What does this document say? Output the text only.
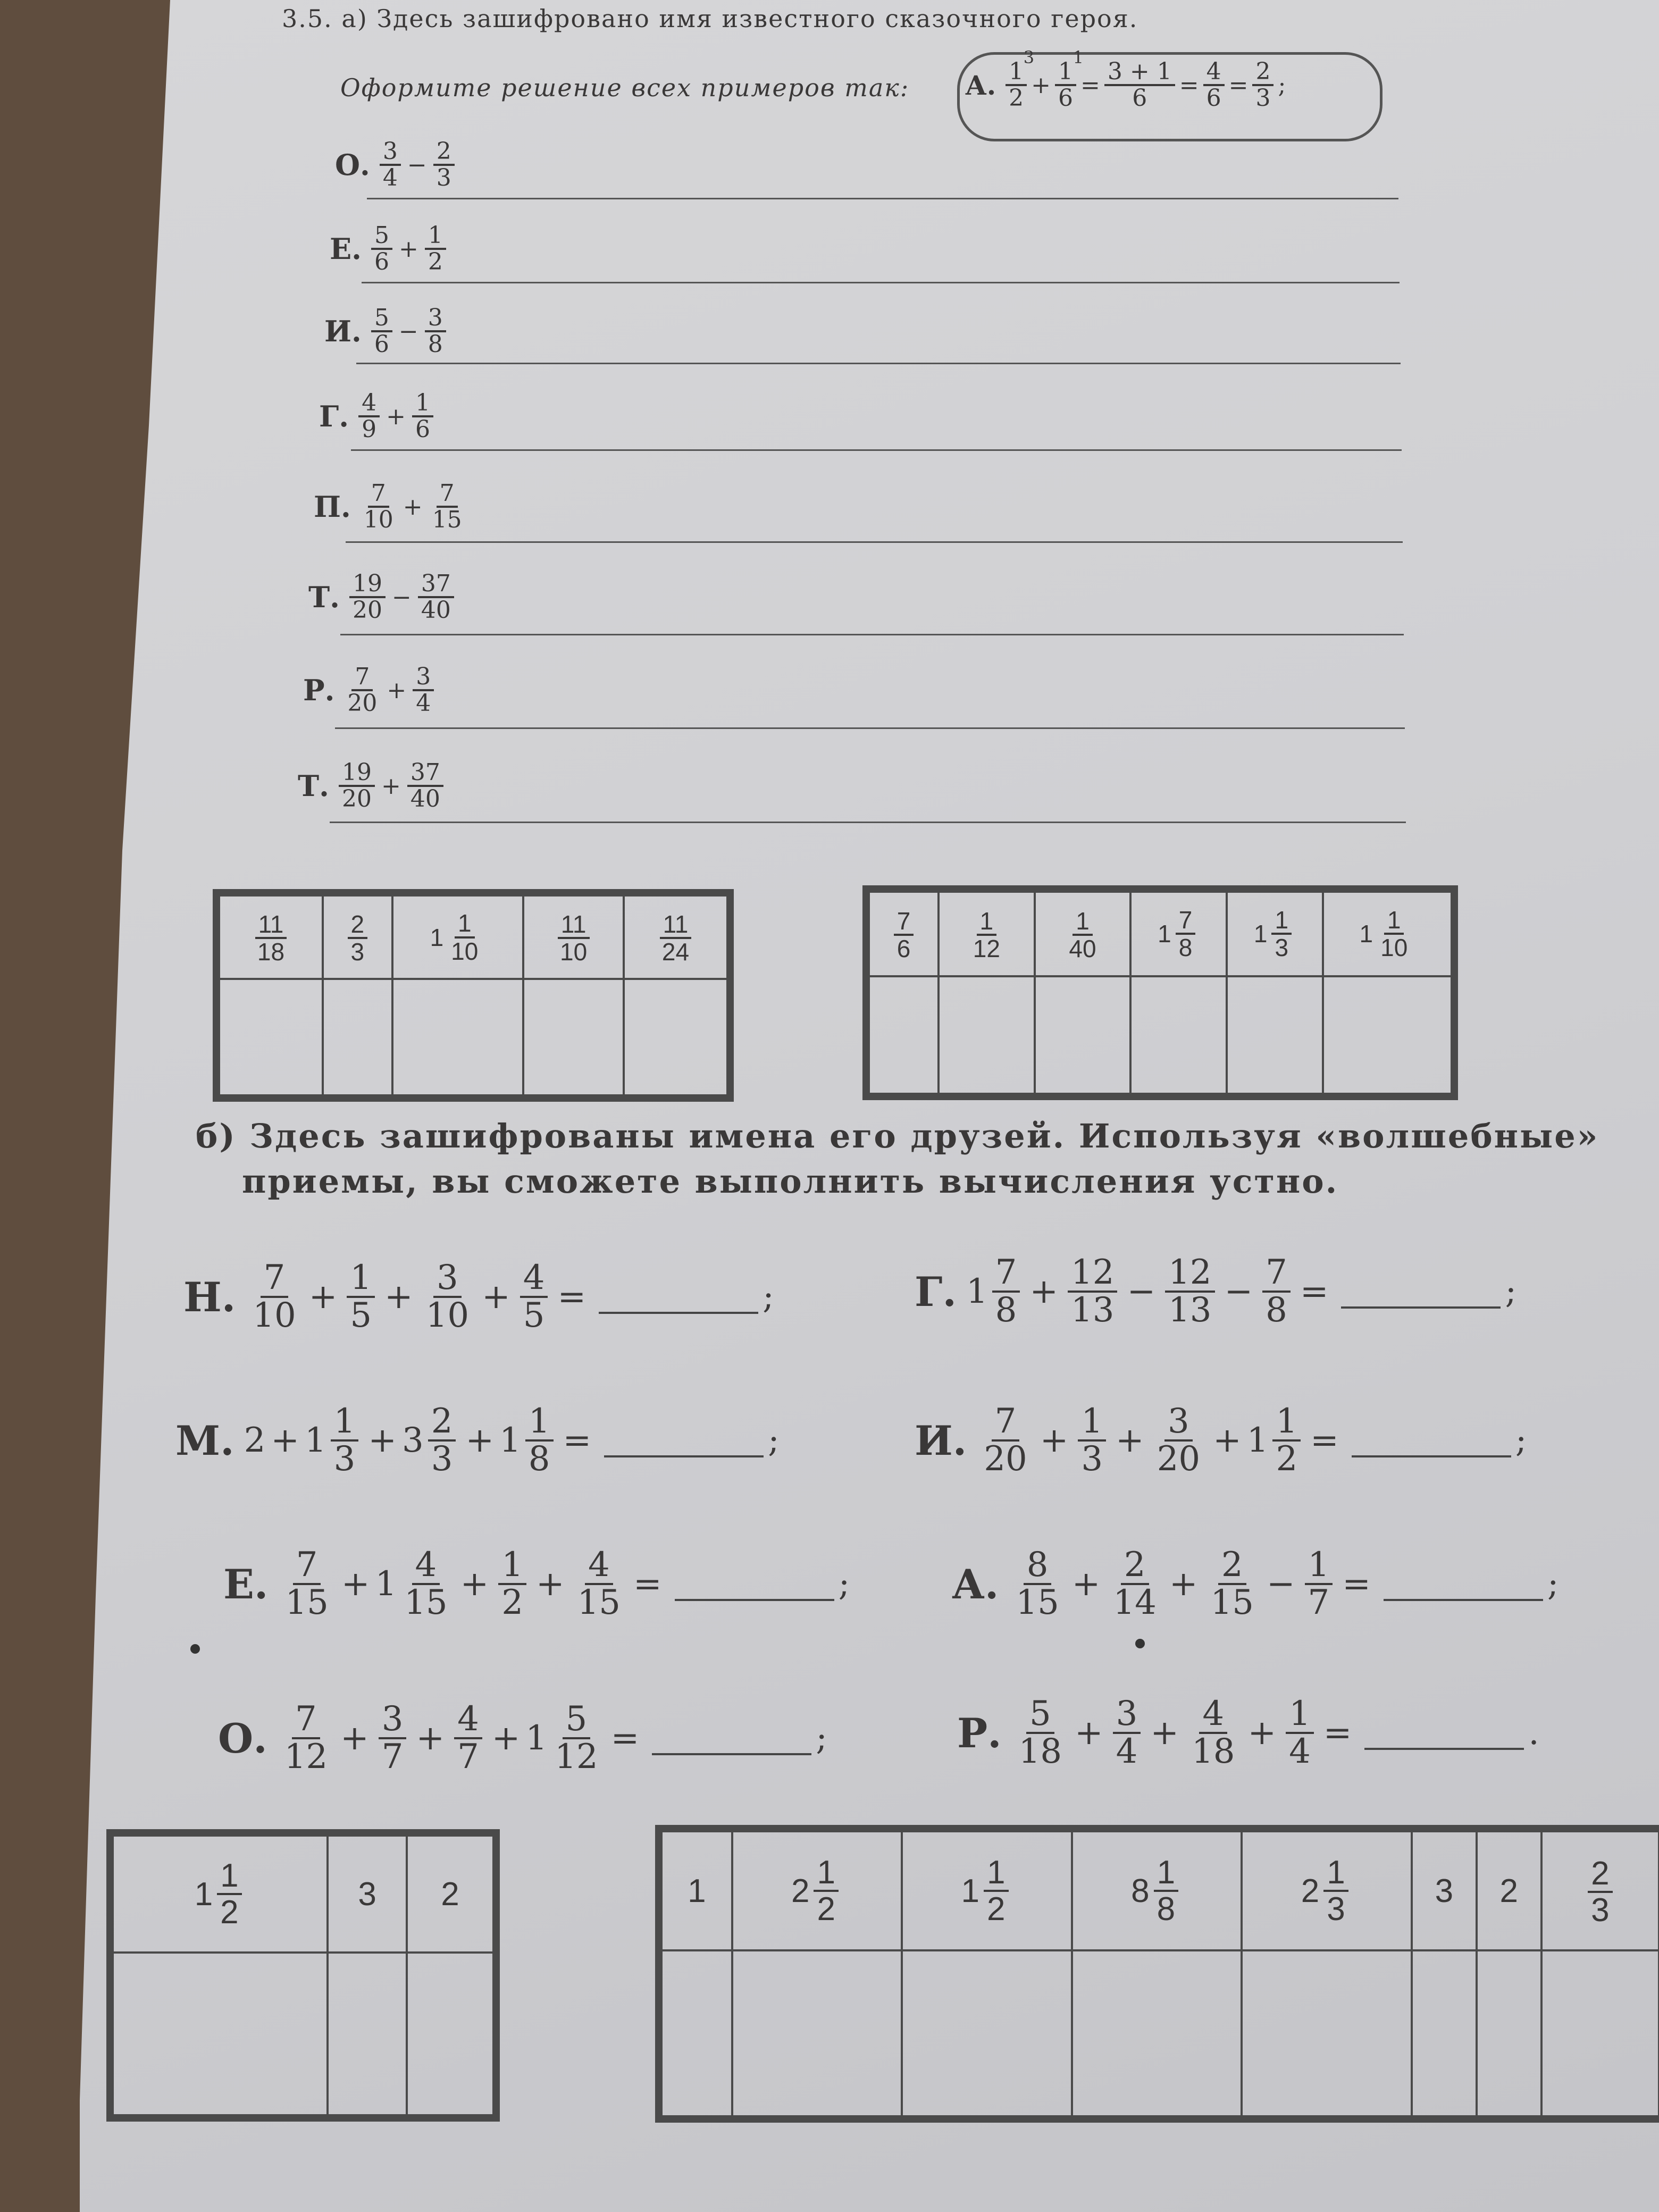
3.5. а) Здесь зашифровано имя известного сказочного героя.
Оформите решение всех примеров так: А.
3
1
2 +
1
1
$6 = \frac{3 + 1}{6} = \frac{4}{6} = \frac{2}{3}$ ;
О. $\frac{3}{4} - \frac{2}{3}$
Е. $\frac{5}{6} + \frac{1}{2}$
И. $\frac{5}{6} - \frac{3}{8}$
Г. $\frac{4}{9} + \frac{1}{6}$
П. $\frac{7}{10} + \frac{7}{15}$
Т. $\frac{19}{20} - \frac{37}{40}$
Р. $\frac{7}{20} + \frac{3}{4}$
Т. $\frac{19}{20} + \frac{37}{40}$
$\frac{11}{18}$	$\frac{2}{3}$	$1 \frac{1}{10}$	$\frac{11}{10}$	$\frac{11}{24}$

					$\frac{7}{6}$	$\frac{1}{12}$	$\frac{1}{40}$	$1 \frac{7}{8}$	$1 \frac{1}{3}$	$1 \frac{1}{10}$

б) Здесь зашифрованы имена его друзей. Используя «волшебные»
приемы, вы сможете выполнить вычисления устно.
Н. $\frac{7}{10} + \frac{1}{5} + \frac{3}{10} + \frac{4}{5}$ =	;	Г. $1 \frac{7}{8} + \frac{12}{13} - \frac{12}{13} - \frac{7}{8}$ =	;
М. $2 + 1 \frac{1}{3} + 3 \frac{2}{3} + 1 \frac{1}{8}$ =	;	И. $\frac{7}{20} + \frac{1}{3} + \frac{3}{20} + 1 \frac{1}{2}$ =	;
Е. $\frac{7}{15} + 1 \frac{4}{15} + \frac{1}{2} + \frac{4}{15}$ =	;	А. $\frac{8}{15} + \frac{2}{14} + \frac{2}{15} - \frac{1}{7}$ =	;
О. $\frac{7}{12} + \frac{3}{7} + \frac{4}{7} + 1 \frac{5}{12}$ =	;	Р. $\frac{5}{18} + \frac{3}{4} + \frac{4}{18} + \frac{1}{4}$ =	.
$1 \frac{1}{2}$	3	2

			1	$2 \frac{1}{2}$	$1 \frac{1}{2}$	$8 \frac{1}{8}$	$2 \frac{1}{3}$	3	2	$\frac{2}{3}$
